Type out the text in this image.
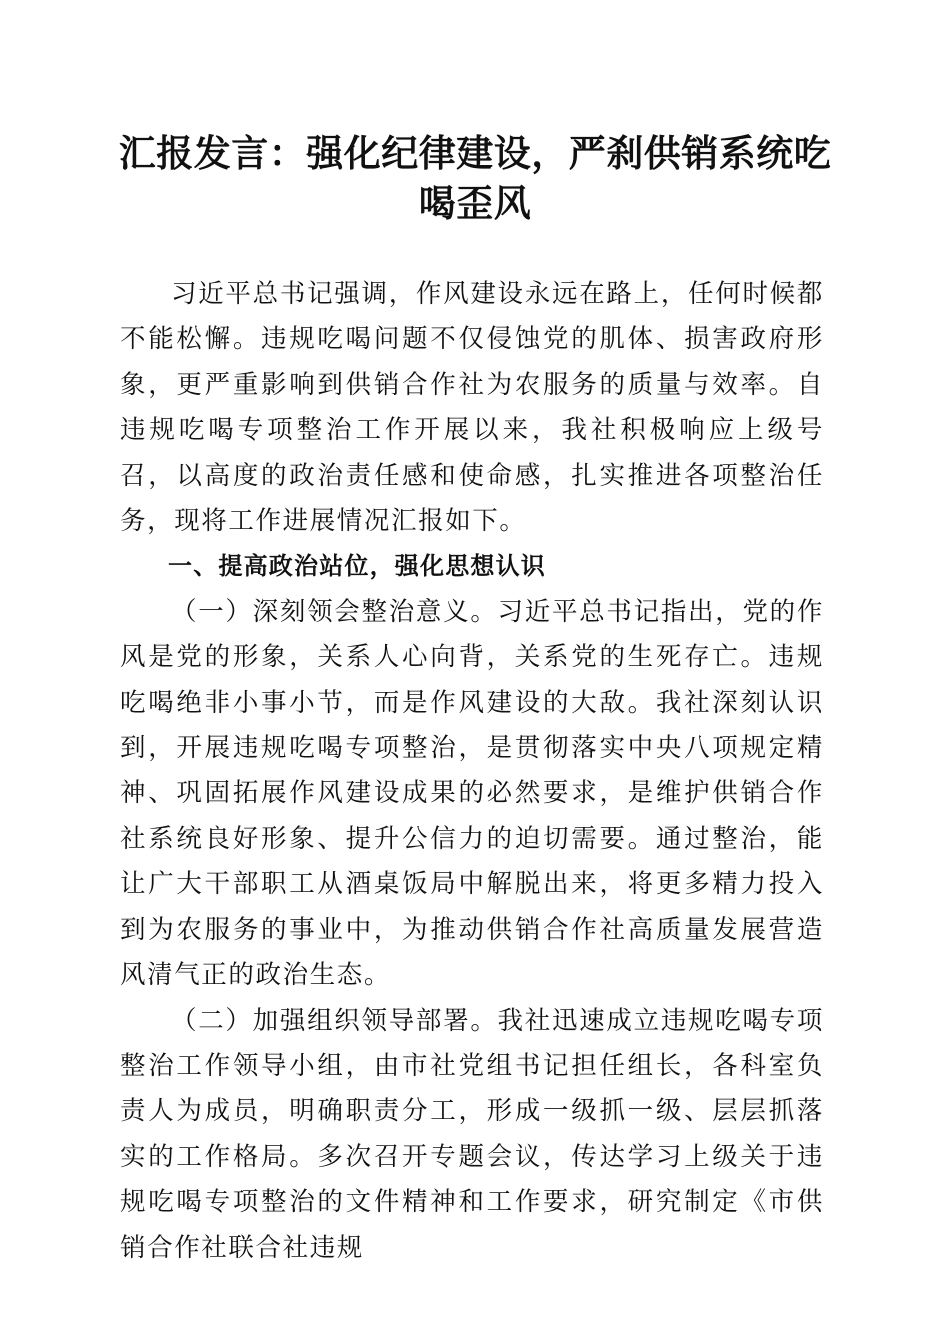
汇报发言：强化纪律建设，严刹供销系统吃喝歪风

习近平总书记强调，作风建设永远在路上，任何时候都不能松懈。违规吃喝问题不仅侵蚀党的肌体、损害政府形象，更严重影响到供销合作社为农服务的质量与效率。自违规吃喝专项整治工作开展以来，我社积极响应上级号召，以高度的政治责任感和使命感，扎实推进各项整治任务，现将工作进展情况汇报如下。

一、提高政治站位，强化思想认识

（一）深刻领会整治意义。习近平总书记指出，党的作风是党的形象，关系人心向背，关系党的生死存亡。违规吃喝绝非小事小节，而是作风建设的大敌。我社深刻认识到，开展违规吃喝专项整治，是贯彻落实中央八项规定精神、巩固拓展作风建设成果的必然要求，是维护供销合作社系统良好形象、提升公信力的迫切需要。通过整治，能让广大干部职工从酒桌饭局中解脱出来，将更多精力投入到为农服务的事业中，为推动供销合作社高质量发展营造风清气正的政治生态。

（二）加强组织领导部署。我社迅速成立违规吃喝专项整治工作领导小组，由市社党组书记担任组长，各科室负责人为成员，明确职责分工，形成一级抓一级、层层抓落实的工作格局。多次召开专题会议，传达学习上级关于违规吃喝专项整治的文件精神和工作要求，研究制定《市供销合作社联合社违规
